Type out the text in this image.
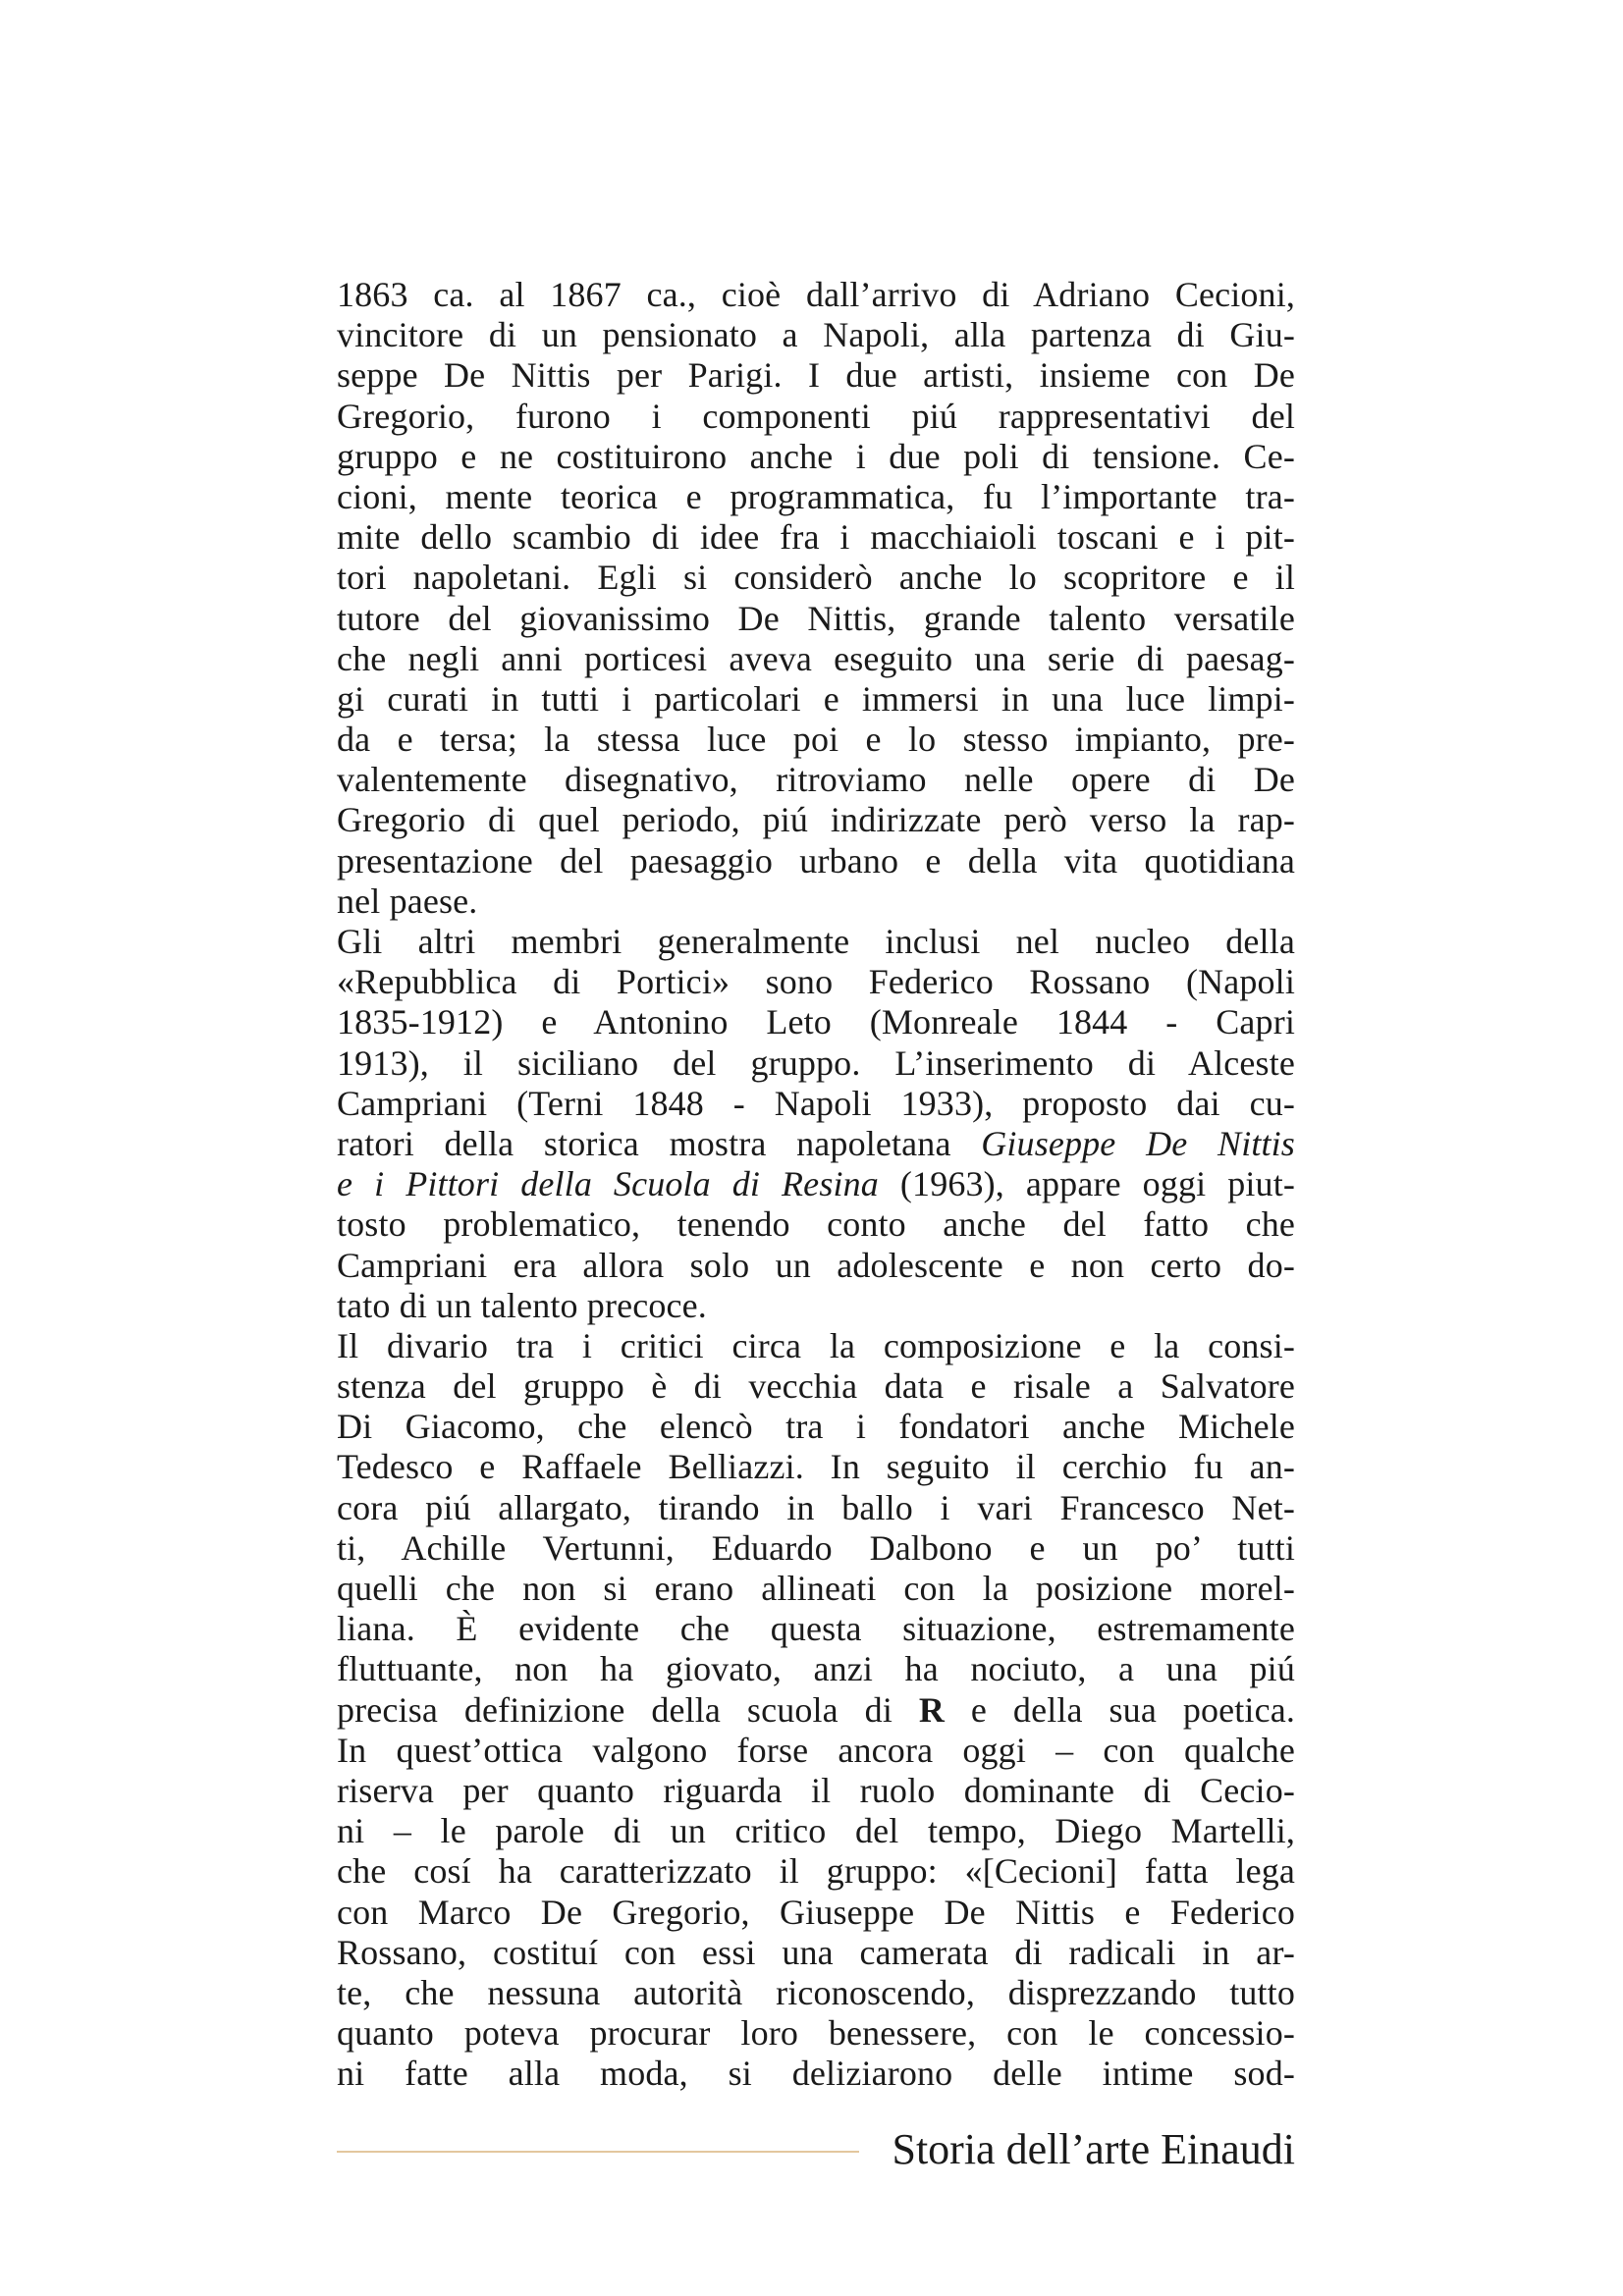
1863 ca. al 1867 ca., cioè dall’arrivo di Adriano Cecioni,
vincitore di un pensionato a Napoli, alla partenza di Giu-
seppe De Nittis per Parigi. I due artisti, insieme con De
Gregorio, furono i componenti piú rappresentativi del
gruppo e ne costituirono anche i due poli di tensione. Ce-
cioni, mente teorica e programmatica, fu l’importante tra-
mite dello scambio di idee fra i macchiaioli toscani e i pit-
tori napoletani. Egli si considerò anche lo scopritore e il
tutore del giovanissimo De Nittis, grande talento versatile
che negli anni porticesi aveva eseguito una serie di paesag-
gi curati in tutti i particolari e immersi in una luce limpi-
da e tersa; la stessa luce poi e lo stesso impianto, pre-
valentemente disegnativo, ritroviamo nelle opere di De
Gregorio di quel periodo, piú indirizzate però verso la rap-
presentazione del paesaggio urbano e della vita quotidiana
nel paese.
Gli altri membri generalmente inclusi nel nucleo della
«Repubblica di Portici» sono Federico Rossano (Napoli
1835-1912) e Antonino Leto (Monreale 1844 - Capri
1913), il siciliano del gruppo. L’inserimento di Alceste
Campriani (Terni 1848 - Napoli 1933), proposto dai cu-
ratori della storica mostra napoletana Giuseppe De Nittis
e i Pittori della Scuola di Resina (1963), appare oggi piut-
tosto problematico, tenendo conto anche del fatto che
Campriani era allora solo un adolescente e non certo do-
tato di un talento precoce.
Il divario tra i critici circa la composizione e la consi-
stenza del gruppo è di vecchia data e risale a Salvatore
Di Giacomo, che elencò tra i fondatori anche Michele
Tedesco e Raffaele Belliazzi. In seguito il cerchio fu an-
cora piú allargato, tirando in ballo i vari Francesco Net-
ti, Achille Vertunni, Eduardo Dalbono e un po’ tutti
quelli che non si erano allineati con la posizione morel-
liana. È evidente che questa situazione, estremamente
fluttuante, non ha giovato, anzi ha nociuto, a una piú
precisa definizione della scuola di R e della sua poetica.
In quest’ottica valgono forse ancora oggi – con qualche
riserva per quanto riguarda il ruolo dominante di Cecio-
ni – le parole di un critico del tempo, Diego Martelli,
che cosí ha caratterizzato il gruppo: «[Cecioni] fatta lega
con Marco De Gregorio, Giuseppe De Nittis e Federico
Rossano, costituí con essi una camerata di radicali in ar-
te, che nessuna autorità riconoscendo, disprezzando tutto
quanto poteva procurar loro benessere, con le concessio-
ni fatte alla moda, si deliziarono delle intime sod-
Storia dell’arte Einaudi
